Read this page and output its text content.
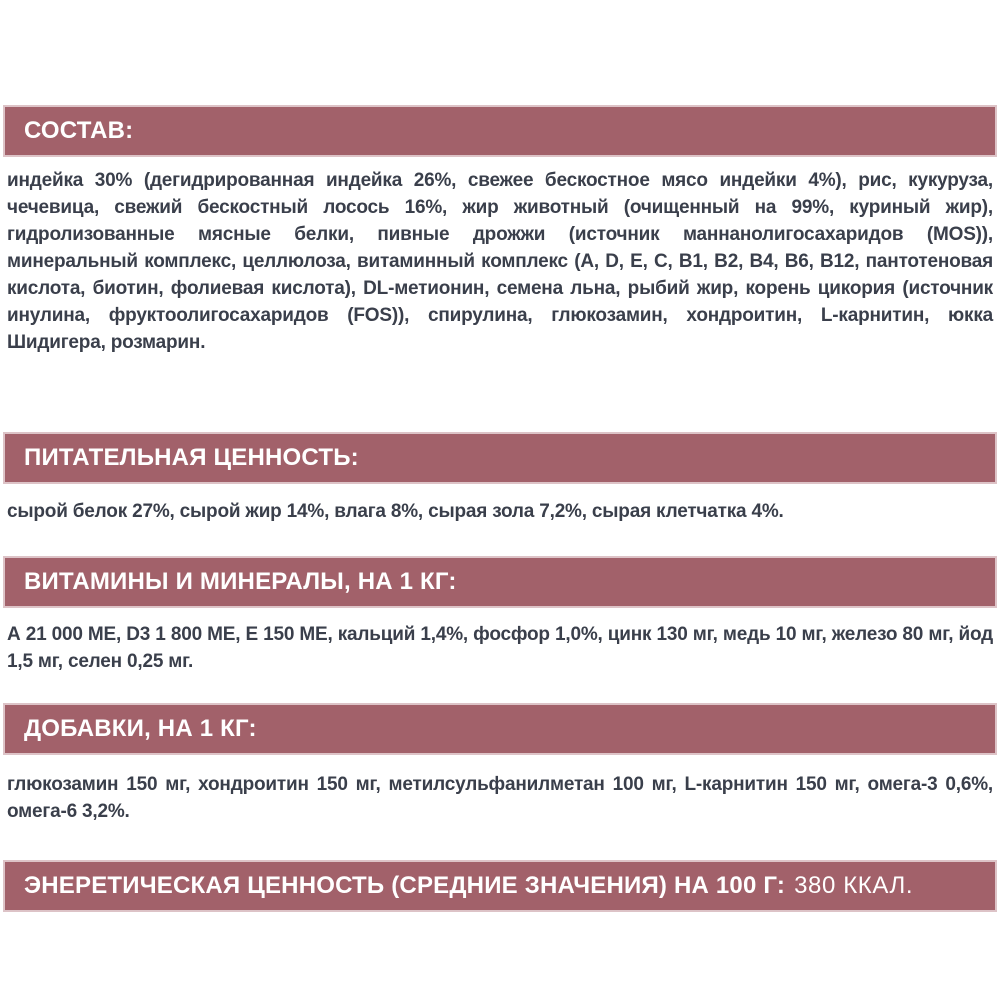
СОСТАВ:

индейка 30% (дегидрированная индейка 26%, свежее бескостное мясо индейки 4%), рис, кукуруза, чечевица, свежий бескостный лосось 16%, жир животный (очищенный на 99%, куриный жир), гидролизованные мясные белки, пивные дрожжи (источник маннанолигосахаридов (MOS)), минеральный комплекс, целлюлоза, витаминный комплекс (A, D, E, C, B1, B2, B4, B6, B12, пантотеновая кислота, биотин, фолиевая кислота), DL-метионин, семена льна, рыбий жир, корень цикория (источник инулина, фруктоолигосахаридов (FOS)), спирулина, глюкозамин, хондроитин, L-карнитин, юкка Шидигера, розмарин.

ПИТАТЕЛЬНАЯ ЦЕННОСТЬ:

сырой белок 27%, сырой жир 14%, влага 8%, сырая зола 7,2%, сырая клетчатка 4%.

ВИТАМИНЫ И МИНЕРАЛЫ, НА 1 КГ:

А 21 000 МЕ, D3 1 800 МЕ, Е 150 МЕ, кальций 1,4%, фосфор 1,0%, цинк 130 мг, медь 10 мг, железо 80 мг, йод 1,5 мг, селен 0,25 мг.

ДОБАВКИ, НА 1 КГ:

глюкозамин 150 мг, хондроитин 150 мг, метилсульфанилметан 100 мг, L-карнитин 150 мг, омега-3 0,6%, омега-6 3,2%.

ЭНЕРЕТИЧЕСКАЯ ЦЕННОСТЬ (СРЕДНИЕ ЗНАЧЕНИЯ) НА 100 Г: 380 ККАЛ.
